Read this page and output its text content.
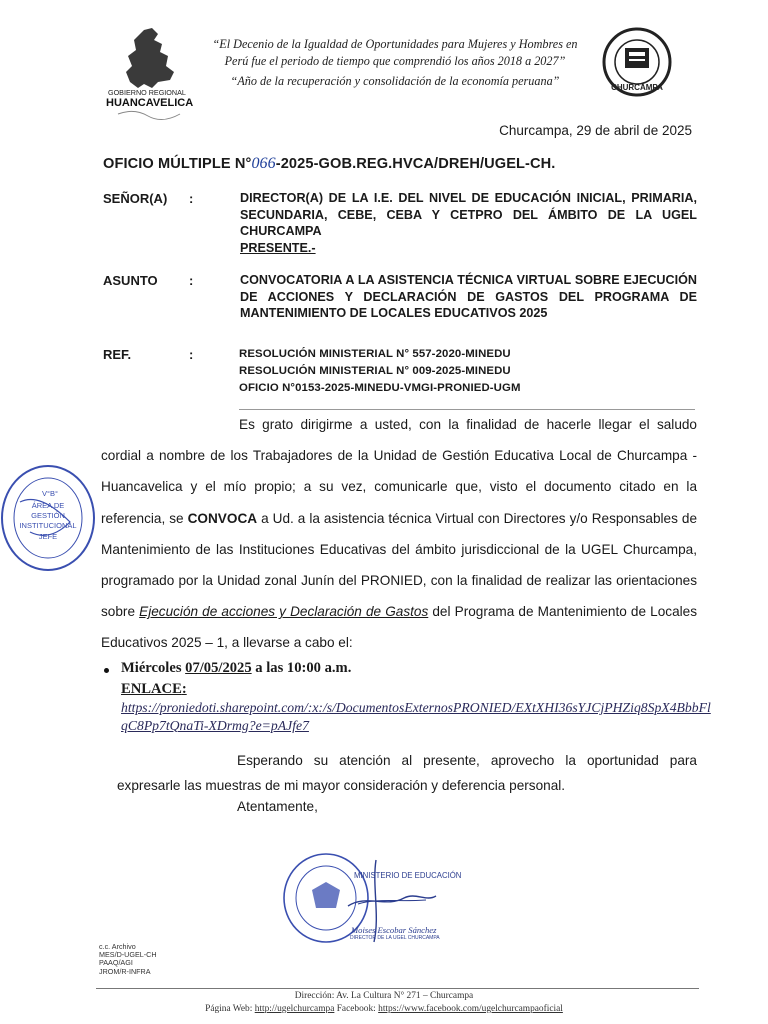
GOBIERNO REGIONAL
HUANCAVELICA
“El Decenio de la Igualdad de Oportunidades para Mujeres y Hombres en Perú fue el periodo de tiempo que comprendió los años 2018 a 2027”
“Año de la recuperación y consolidación de la economía peruana”	CHURCAMPA
Churcampa, 29 de abril de 2025
OFICIO MÚLTIPLE N°066-2025-GOB.REG.HVCA/DREH/UGEL-CH.
SEÑOR(A) :	DIRECTOR(A) DE LA I.E. DEL NIVEL DE EDUCACIÓN INICIAL, PRIMARIA, SECUNDARIA, CEBE, CEBA Y CETPRO DEL ÁMBITO DE LA UGEL CHURCAMPA
PRESENTE.-
ASUNTO :	CONVOCATORIA A LA ASISTENCIA TÉCNICA VIRTUAL SOBRE EJECUCIÓN DE ACCIONES Y DECLARACIÓN DE GASTOS DEL PROGRAMA DE MANTENIMIENTO DE LOCALES EDUCATIVOS 2025
REF.	:	RESOLUCIÓN MINISTERIAL N° 557-2020-MINEDU
RESOLUCIÓN MINISTERIAL N° 009-2025-MINEDU
OFICIO N°0153-2025-MINEDU-VMGI-PRONIED-UGM

Es grato dirigirme a usted, con la finalidad de hacerle llegar el saludo cordial a nombre de los Trabajadores de la Unidad de Gestión Educativa Local de Churcampa -Huancavelica y el mío propio; a su vez, comunicarle que, visto el documento citado en la referencia, se CONVOCA a Ud. a la asistencia técnica Virtual con Directores y/o Responsables de Mantenimiento de las Instituciones Educativas del ámbito jurisdiccional de la UGEL Churcampa, programado por la Unidad zonal Junín del PRONIED, con la finalidad de realizar las orientaciones sobre Ejecución de acciones y Declaración de Gastos del Programa de Mantenimiento de Locales Educativos 2025 – 1, a llevarse a cabo el:

Miércoles 07/05/2025 a las 10:00 a.m.
ENLACE:
https://proniedoti.sharepoint.com/:x:/s/DocumentosExternosPRONIED/EXtXHI36sYJCjPHZiq8SpX4BbbFlqC8Pp7tQnaTi-XDrmg?e=pAJfe7
Esperando su atención al presente, aprovecho la oportunidad para expresarle las muestras de mi mayor consideración y deferencia personal.
Atentamente,
V°B°
ÁREA DE
GESTIÓN
INSTITUCIONAL
JEFE
MINISTERIO DE EDUCACIÓN
Moises Escobar Sánchez
DIRECTOR DE LA UGEL CHURCAMPA
c.c. Archivo
MES/D-UGEL-CH
PAAQ/AGI
JROM/R-INFRA
Dirección: Av. La Cultura N° 271 – Churcampa
Página Web: http://ugelchurcampa Facebook: https://www.facebook.com/ugelchurcampaoficial
